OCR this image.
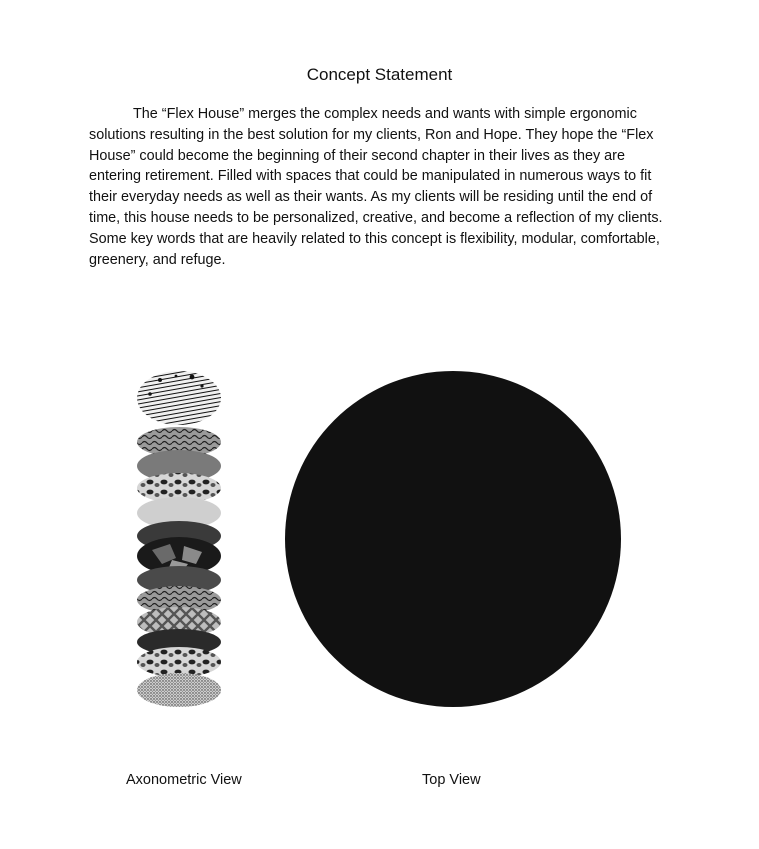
Concept Statement

The “Flex House” merges the complex needs and wants with simple ergonomic solutions resulting in the best solution for my clients, Ron and Hope. They hope the “Flex House” could become the beginning of their second chapter in their lives as they are entering retirement. Filled with spaces that could be manipulated in numerous ways to fit their everyday needs as well as their wants. As my clients will be residing until the end of time, this house needs to be personalized, creative, and become a reflection of my clients. Some key words that are heavily related to this concept is flexibility, modular, comfortable, greenery, and refuge.

Axonometric View	Top View
